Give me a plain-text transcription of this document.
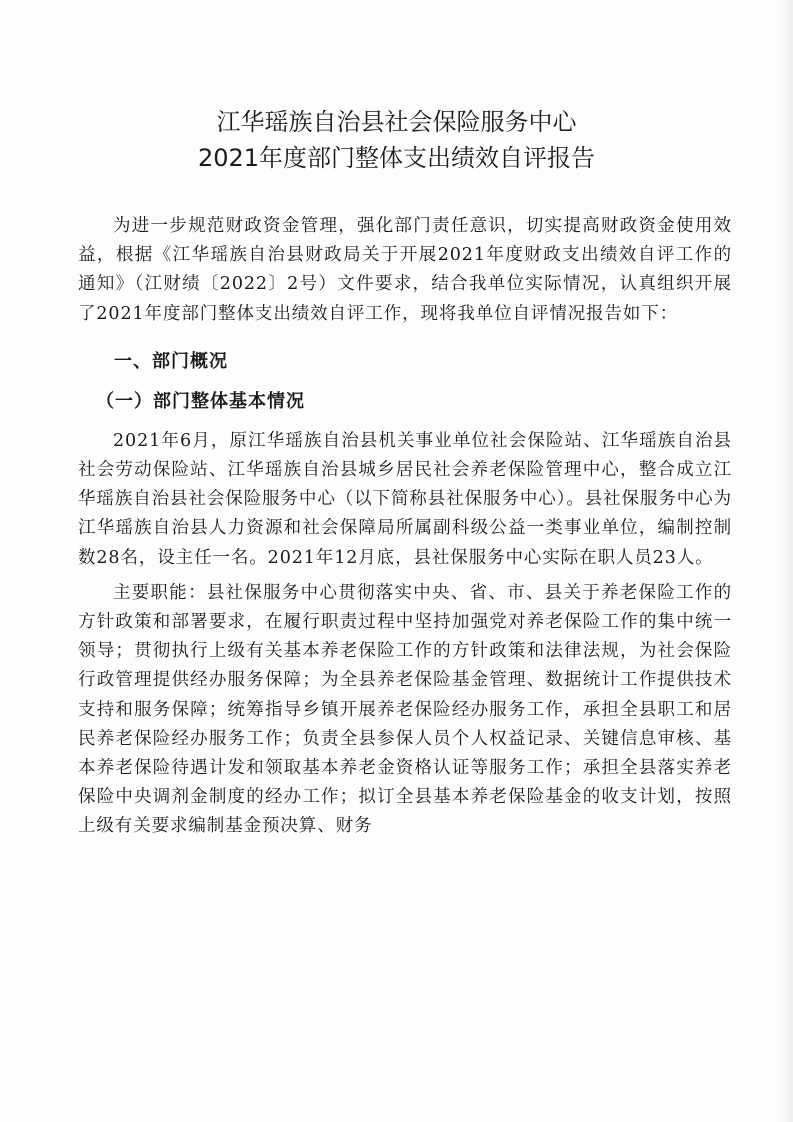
江华瑶族自治县社会保险服务中心

2021年度部门整体支出绩效自评报告

为进一步规范财政资金管理，强化部门责任意识，切实提高财政资金使用效益，根据《江华瑶族自治县财政局关于开展2021年度财政支出绩效自评工作的通知》（江财绩〔2022〕2号）文件要求，结合我单位实际情况，认真组织开展了2021年度部门整体支出绩效自评工作，现将我单位自评情况报告如下：

一、部门概况

（一）部门整体基本情况

2021年6月，原江华瑶族自治县机关事业单位社会保险站、江华瑶族自治县社会劳动保险站、江华瑶族自治县城乡居民社会养老保险管理中心，整合成立江华瑶族自治县社会保险服务中心（以下简称县社保服务中心）。县社保服务中心为江华瑶族自治县人力资源和社会保障局所属副科级公益一类事业单位，编制控制数28名，设主任一名。2021年12月底，县社保服务中心实际在职人员23人。

主要职能：县社保服务中心贯彻落实中央、省、市、县关于养老保险工作的方针政策和部署要求，在履行职责过程中坚持加强党对养老保险工作的集中统一领导；贯彻执行上级有关基本养老保险工作的方针政策和法律法规，为社会保险行政管理提供经办服务保障；为全县养老保险基金管理、数据统计工作提供技术支持和服务保障；统筹指导乡镇开展养老保险经办服务工作，承担全县职工和居民养老保险经办服务工作；负责全县参保人员个人权益记录、关键信息审核、基本养老保险待遇计发和领取基本养老金资格认证等服务工作；承担全县落实养老保险中央调剂金制度的经办工作；拟订全县基本养老保险基金的收支计划，按照上级有关要求编制基金预决算、财务
